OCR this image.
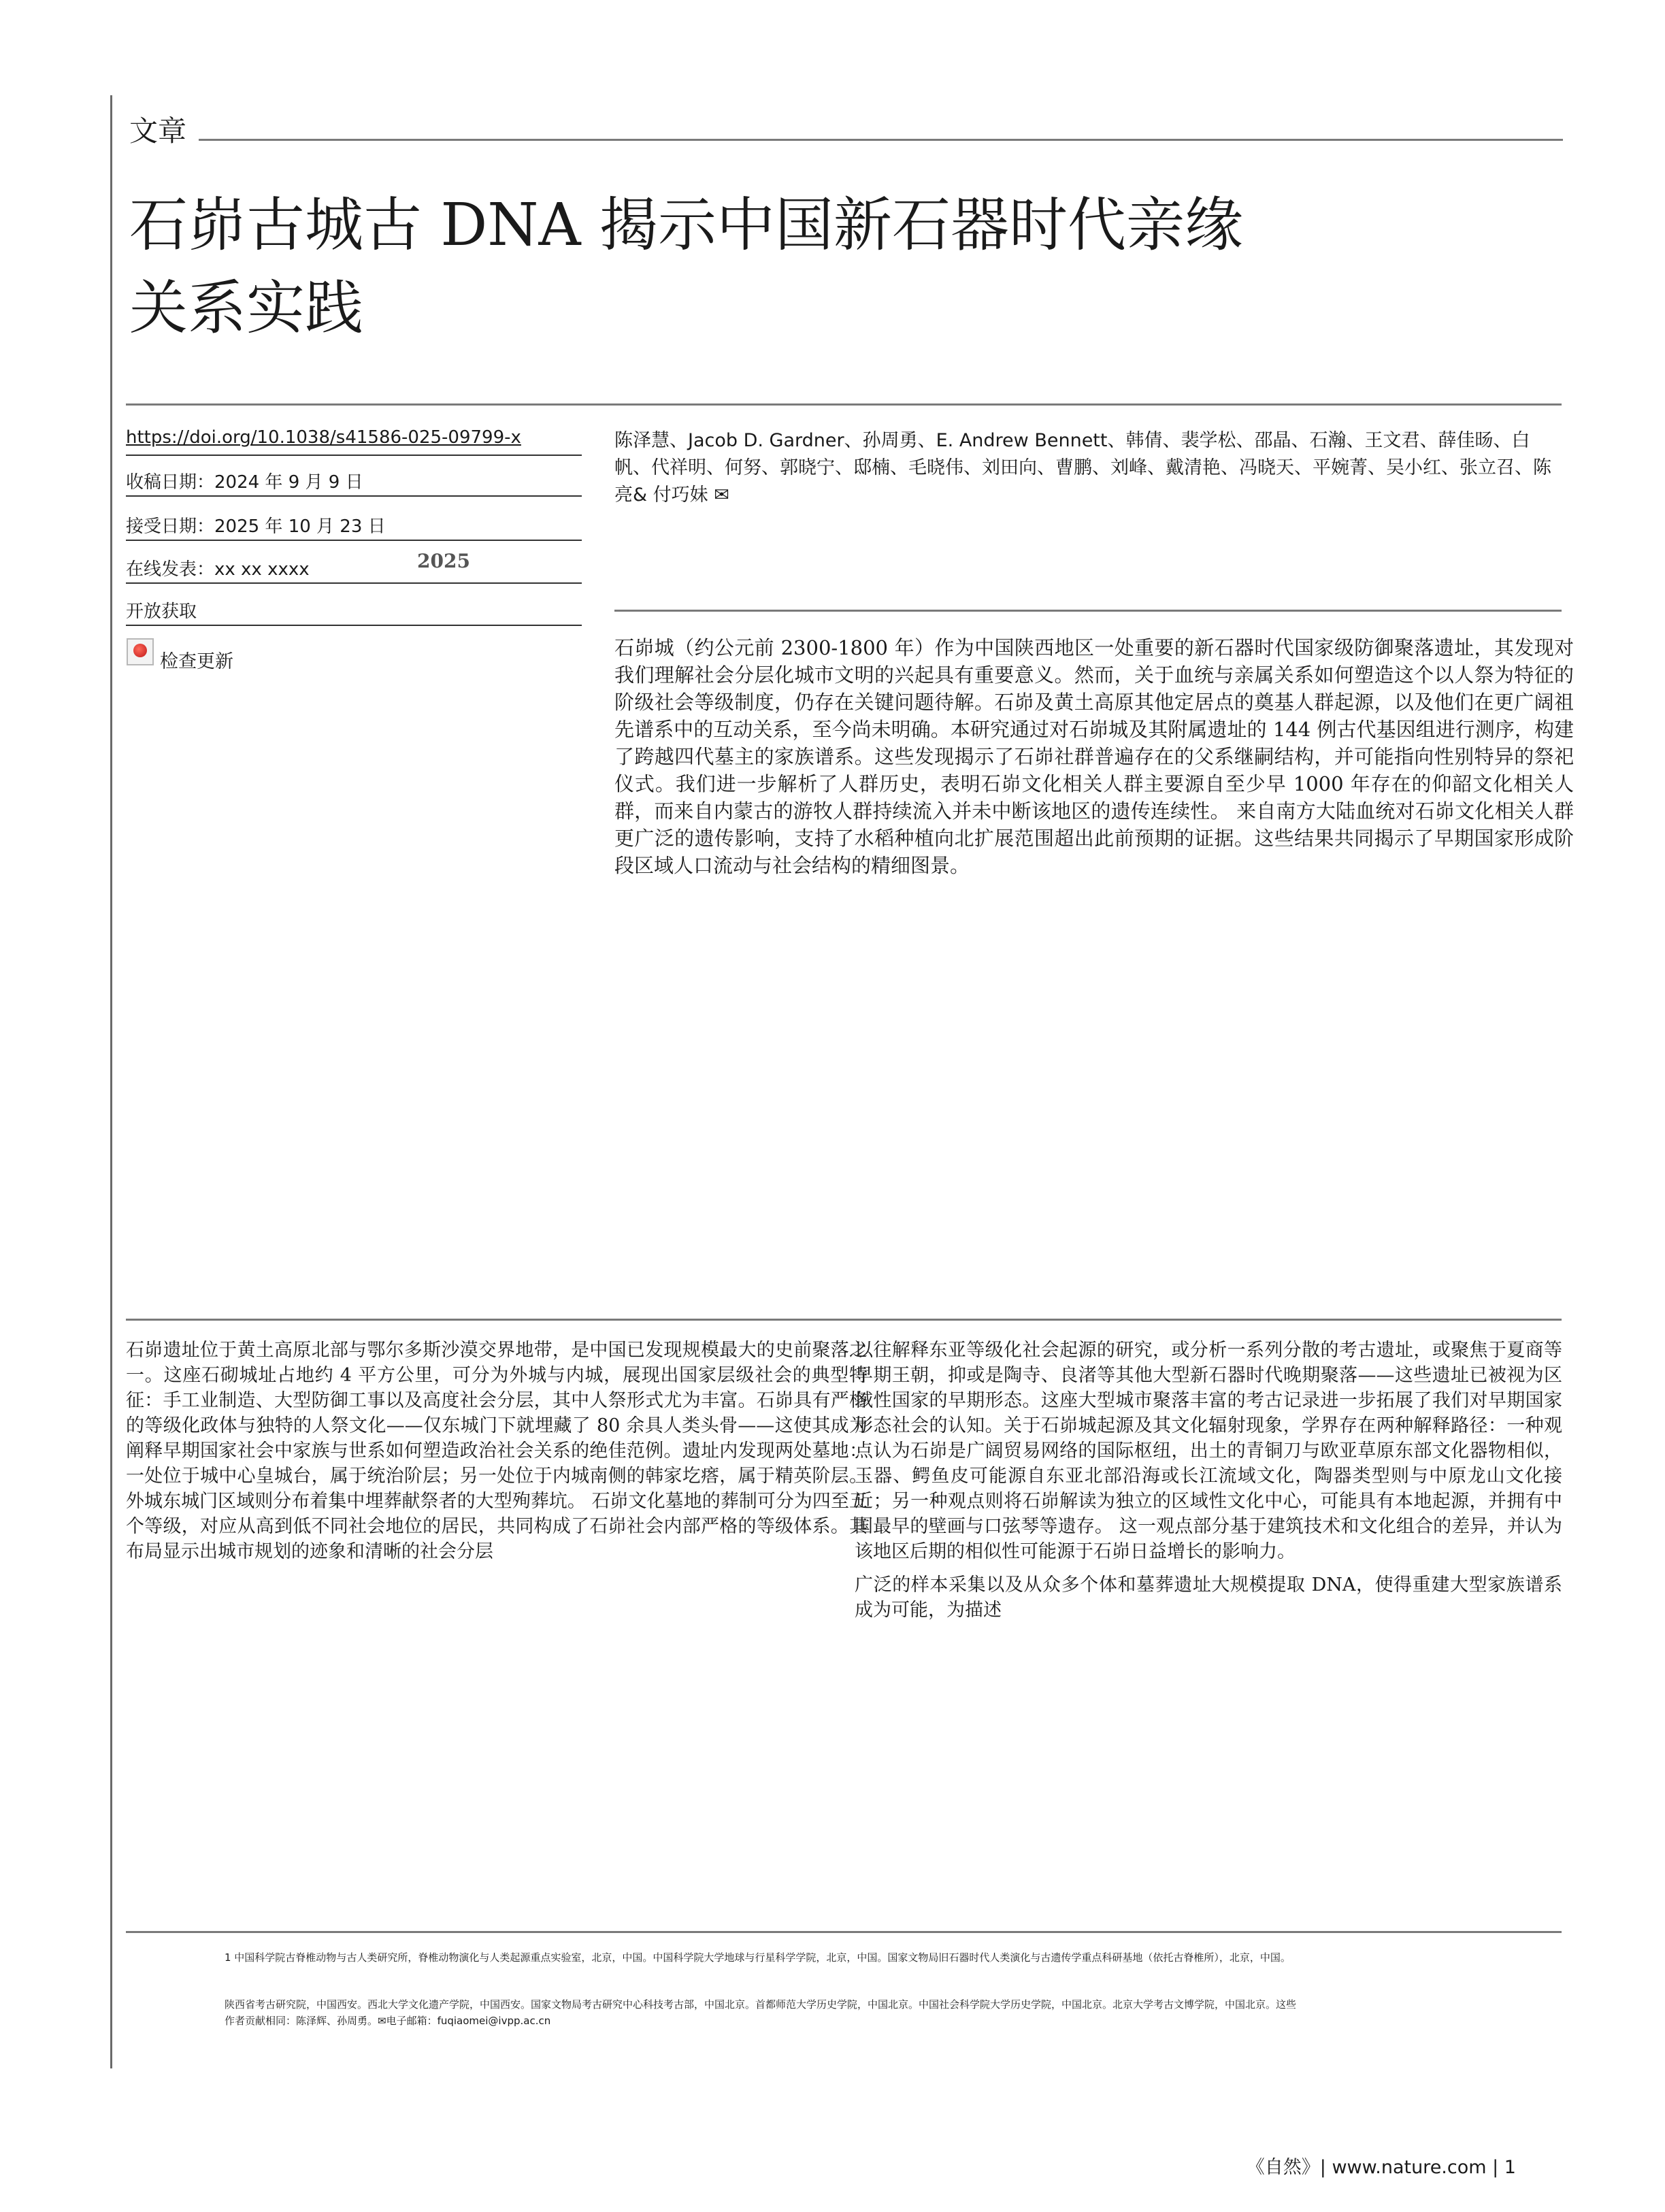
文章
石峁古城古 DNA 揭示中国新石器时代亲缘
关系实践
https://doi.org/10.1038/s41586-025-09799-x
收稿日期：2024 年 9 月 9 日
接受日期：2025 年 10 月 23 日
在线发表：xx xx xxxx	2025
开放获取
检查更新
陈泽慧、Jacob D. Gardner、孙周勇、E. Andrew Bennett、韩倩、裴学松、邵晶、石瀚、王文君、薛佳旸、白帆、代祥明、何努、郭晓宁、邸楠、毛晓伟、刘田向、曹鹏、刘峰、戴清艳、冯晓天、平婉菁、吴小红、张立召、陈亮& 付巧妹 ✉
石峁城（约公元前 2300-1800 年）作为中国陕西地区一处重要的新石器时代国家级防御聚落遗址，其发现对我们理解社会分层化城市文明的兴起具有重要意义。然而，关于血统与亲属关系如何塑造这个以人祭为特征的阶级社会等级制度，仍存在关键问题待解。石峁及黄土高原其他定居点的奠基人群起源，以及他们在更广阔祖先谱系中的互动关系，至今尚未明确。本研究通过对石峁城及其附属遗址的 144 例古代基因组进行测序，构建了跨越四代墓主的家族谱系。这些发现揭示了石峁社群普遍存在的父系继嗣结构，并可能指向性别特异的祭祀仪式。我们进一步解析了人群历史，表明石峁文化相关人群主要源自至少早 1000 年存在的仰韶文化相关人群，而来自内蒙古的游牧人群持续流入并未中断该地区的遗传连续性。 来自南方大陆血统对石峁文化相关人群更广泛的遗传影响，支持了水稻种植向北扩展范围超出此前预期的证据。这些结果共同揭示了早期国家形成阶段区域人口流动与社会结构的精细图景。

石峁遗址位于黄土高原北部与鄂尔多斯沙漠交界地带，是中国已发现规模最大的史前聚落之一。这座石砌城址占地约 4 平方公里，可分为外城与内城，展现出国家层级社会的典型特征：手工业制造、大型防御工事以及高度社会分层，其中人祭形式尤为丰富。石峁具有严格的等级化政体与独特的人祭文化——仅东城门下就埋藏了 80 余具人类头骨——这使其成为阐释早期国家社会中家族与世系如何塑造政治社会关系的绝佳范例。遗址内发现两处墓地：一处位于城中心皇城台，属于统治阶层；另一处位于内城南侧的韩家圪瘩，属于精英阶层。外城东城门区域则分布着集中埋葬献祭者的大型殉葬坑。 石峁文化墓地的葬制可分为四至五个等级，对应从高到低不同社会地位的居民，共同构成了石峁社会内部严格的等级体系。其布局显示出城市规划的迹象和清晰的社会分层

以往解释东亚等级化社会起源的研究，或分析一系列分散的考古遗址，或聚焦于夏商等早期王朝，抑或是陶寺、良渚等其他大型新石器时代晚期聚落——这些遗址已被视为区域性国家的早期形态。这座大型城市聚落丰富的考古记录进一步拓展了我们对早期国家形态社会的认知。关于石峁城起源及其文化辐射现象，学界存在两种解释路径：一种观点认为石峁是广阔贸易网络的国际枢纽，出土的青铜刀与欧亚草原东部文化器物相似，玉器、鳄鱼皮可能源自东亚北部沿海或长江流域文化，陶器类型则与中原龙山文化接近；另一种观点则将石峁解读为独立的区域性文化中心，可能具有本地起源，并拥有中国最早的壁画与口弦琴等遗存。 这一观点部分基于建筑技术和文化组合的差异，并认为该地区后期的相似性可能源于石峁日益增长的影响力。

广泛的样本采集以及从众多个体和墓葬遗址大规模提取 DNA，使得重建大型家族谱系成为可能，为描述

1 中国科学院古脊椎动物与古人类研究所，脊椎动物演化与人类起源重点实验室，北京，中国。中国科学院大学地球与行星科学学院，北京，中国。国家文物局旧石器时代人类演化与古遗传学重点科研基地（依托古脊椎所），北京，中国。
陕西省考古研究院，中国西安。西北大学文化遗产学院，中国西安。国家文物局考古研究中心科技考古部，中国北京。首都师范大学历史学院，中国北京。中国社会科学院大学历史学院，中国北京。北京大学考古文博学院，中国北京。这些
作者贡献相同：陈泽辉、孙周勇。✉电子邮箱：fuqiaomei@ivpp.ac.cn
《自然》| www.nature.com | 1
